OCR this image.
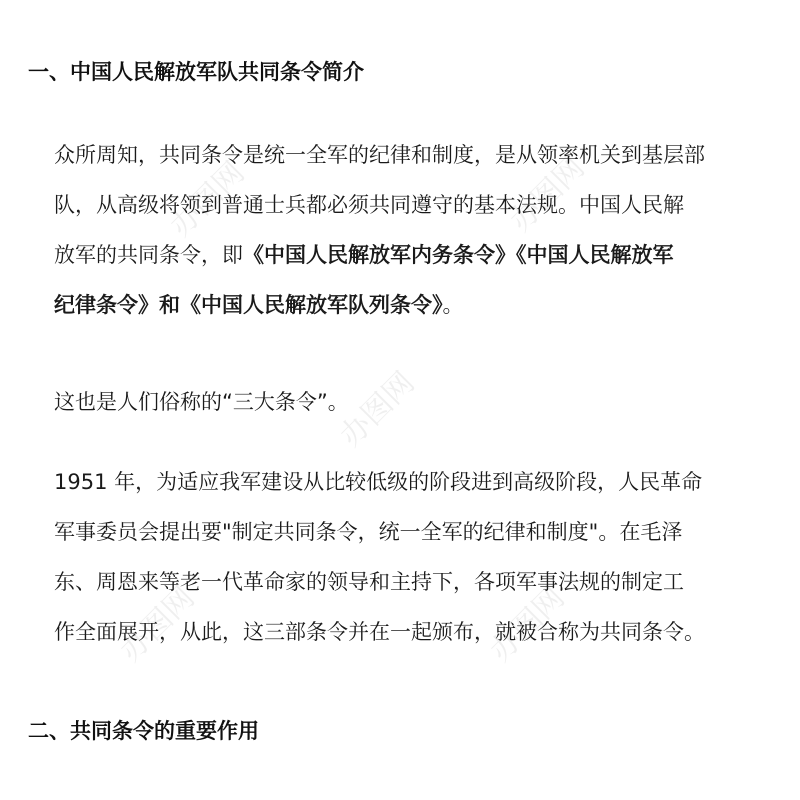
办图网	办图网
办图网
办图网	办图网
一、中国人民解放军队共同条令简介
众所周知，共同条令是统一全军的纪律和制度，是从领率机关到基层部
队，从高级将领到普通士兵都必须共同遵守的基本法规。中国人民解
放军的共同条令，即《中国人民解放军内务条令》《中国人民解放军
纪律条令》和《中国人民解放军队列条令》。
这也是人们俗称的“三大条令”。
1951 年，为适应我军建设从比较低级的阶段进到高级阶段，人民革命
军事委员会提出要"制定共同条令，统一全军的纪律和制度"。在毛泽
东、周恩来等老一代革命家的领导和主持下，各项军事法规的制定工
作全面展开，从此，这三部条令并在一起颁布，就被合称为共同条令。
二、共同条令的重要作用
